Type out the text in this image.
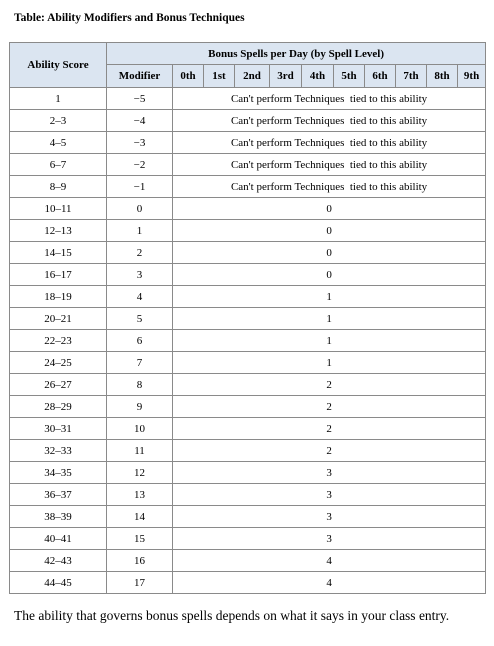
Table: Ability Modifiers and Bonus Techniques
Ability Score	Bonus Spells per Day (by Spell Level)										
	Modifier	0th	1st	2nd	3rd	4th	5th	6th	7th	8th	9th
1	−5	Can't perform Techniques  tied to this ability									
2–3	−4	Can't perform Techniques  tied to this ability									
4–5	−3	Can't perform Techniques  tied to this ability									
6–7	−2	Can't perform Techniques  tied to this ability									
8–9	−1	Can't perform Techniques  tied to this ability									
10–11	0	0									
12–13	1	0									
14–15	2	0									
16–17	3	0									
18–19	4	1									
20–21	5	1									
22–23	6	1									
24–25	7	1									
26–27	8	2									
28–29	9	2									
30–31	10	2									
32–33	11	2									
34–35	12	3									
36–37	13	3									
38–39	14	3									
40–41	15	3									
42–43	16	4									
44–45	17	4									
The ability that governs bonus spells depends on what it says in your class entry.
